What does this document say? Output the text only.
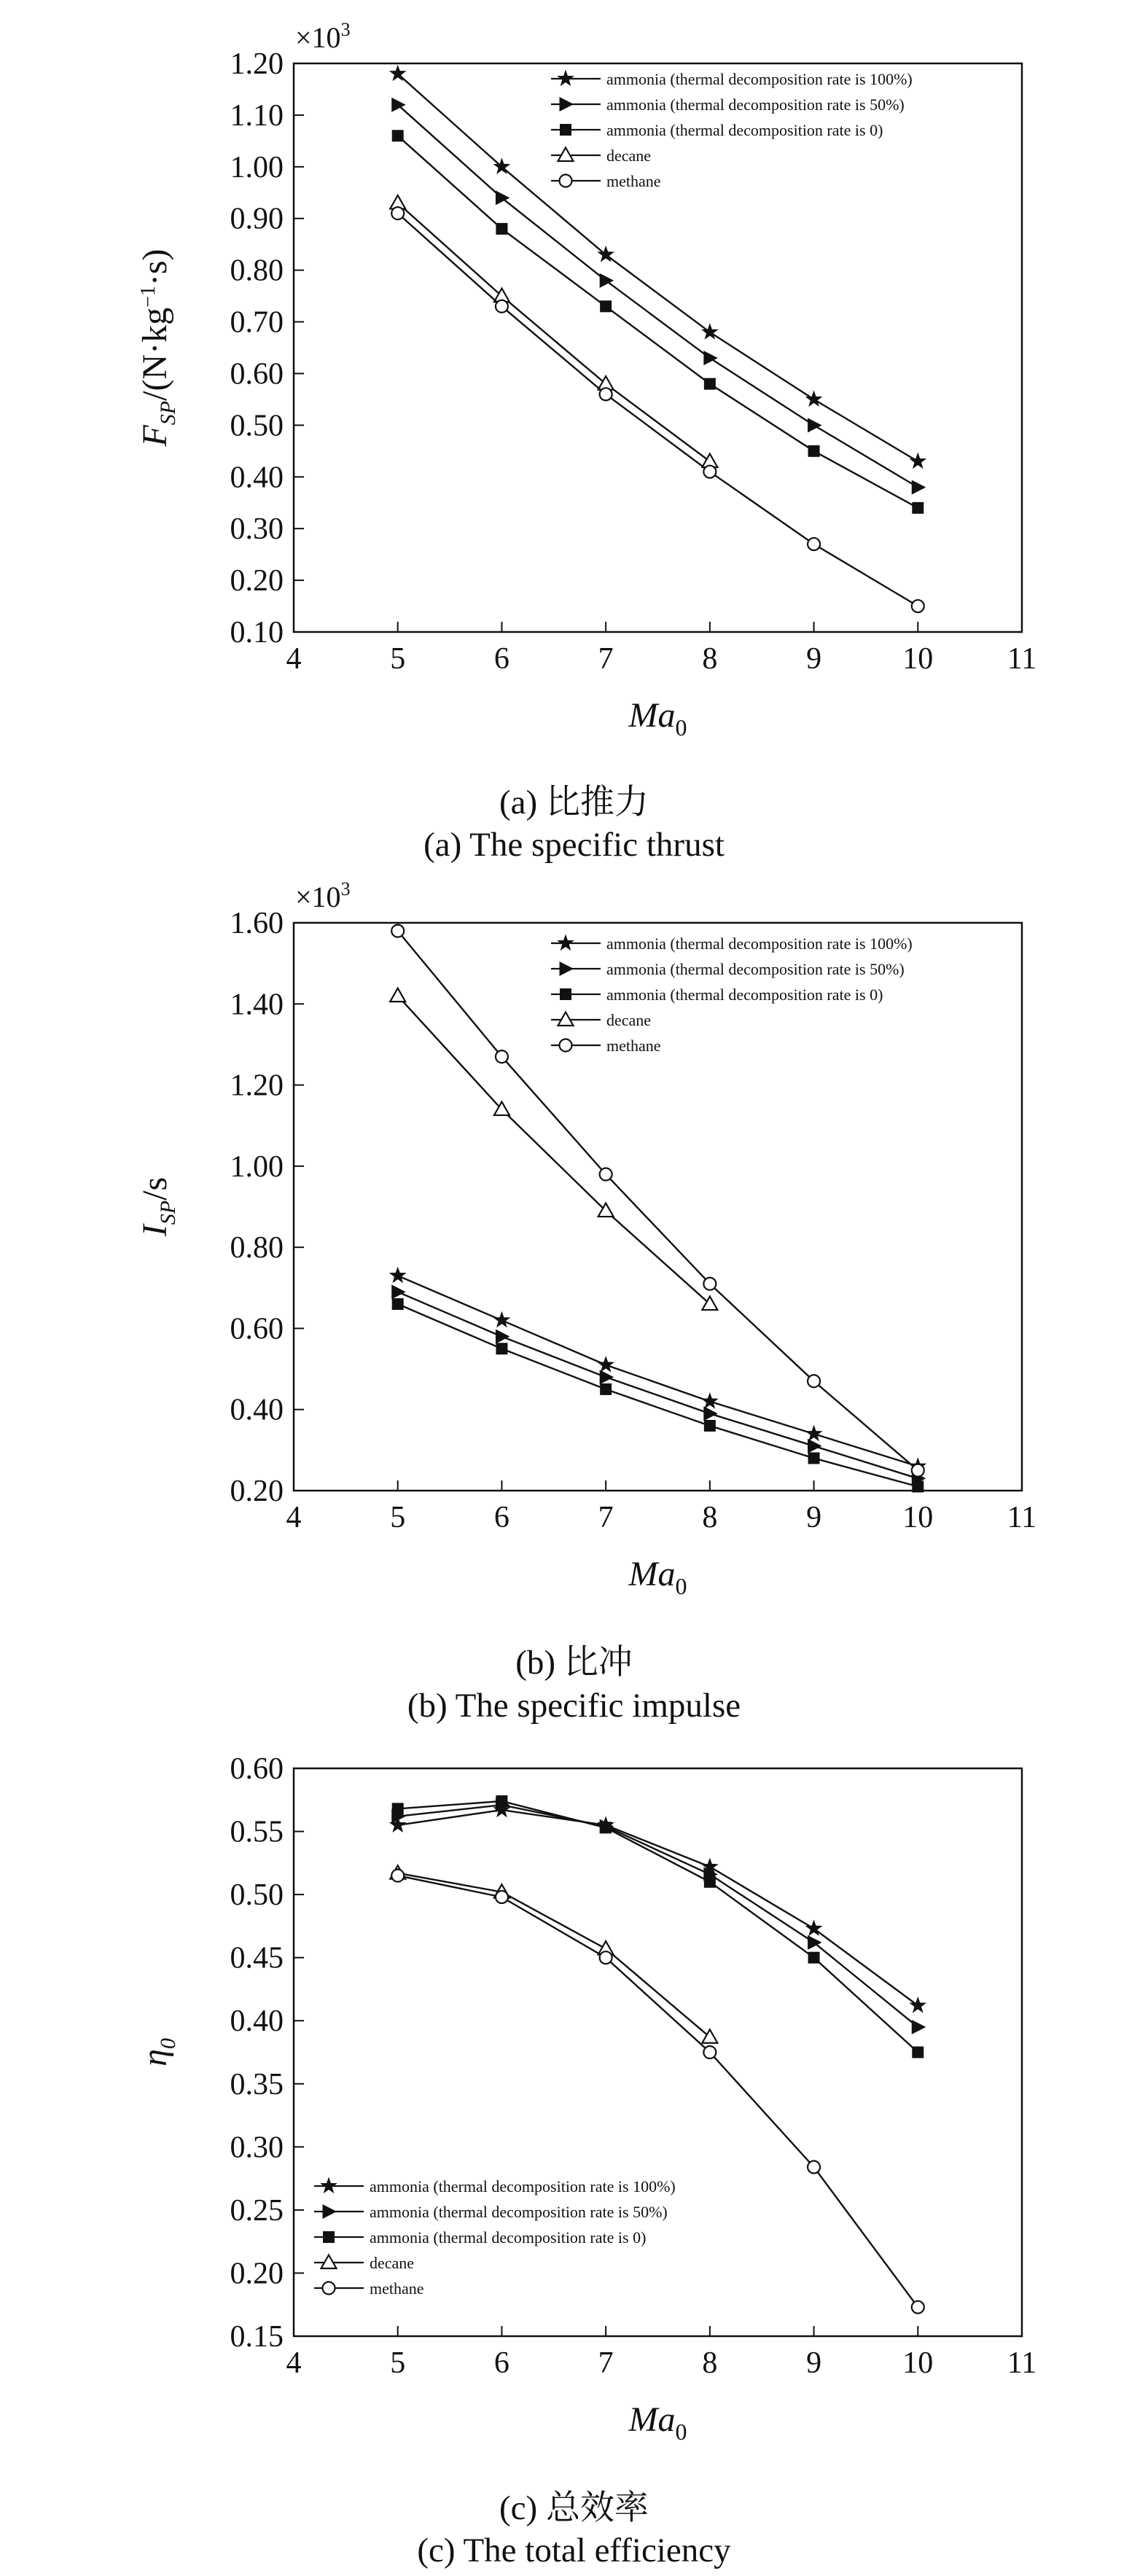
4	5	6	7	8	9	10 11
0.10
0.20
0.30
0.40
0.50
0.60
0.70
0.80
0.90
1.00
1.10
1.20
$\times 10^3$
$Ma_0$
$F_{SP}/(N\cdot kg^{-1}\cdot s)$
ammonia (thermal decomposition rate is 100%)
ammonia (thermal decomposition rate is 50%)
ammonia (thermal decomposition rate is 0)
decane
methane
4	5	6	7	8	9	10 11
0.20
0.40
0.60
0.80
1.00
1.20
1.40
1.60
$\times 10^3$
$Ma_0$
$I_{SP}/s$
ammonia (thermal decomposition rate is 100%)
ammonia (thermal decomposition rate is 50%)
ammonia (thermal decomposition rate is 0)
decane
methane
4	5	6	7	8	9	10 11
0.15
0.20
0.25
0.30
0.35
0.40
0.45
0.50
0.55
0.60
$Ma_0$
$\eta_0$
ammonia (thermal decomposition rate is 100%)
ammonia (thermal decomposition rate is 50%)
ammonia (thermal decomposition rate is 0)
decane
methane
(a) 比推力
(a) The specific thrust
(b) 比冲
(b) The specific impulse
(c) 总效率
(c) The total efficiency
